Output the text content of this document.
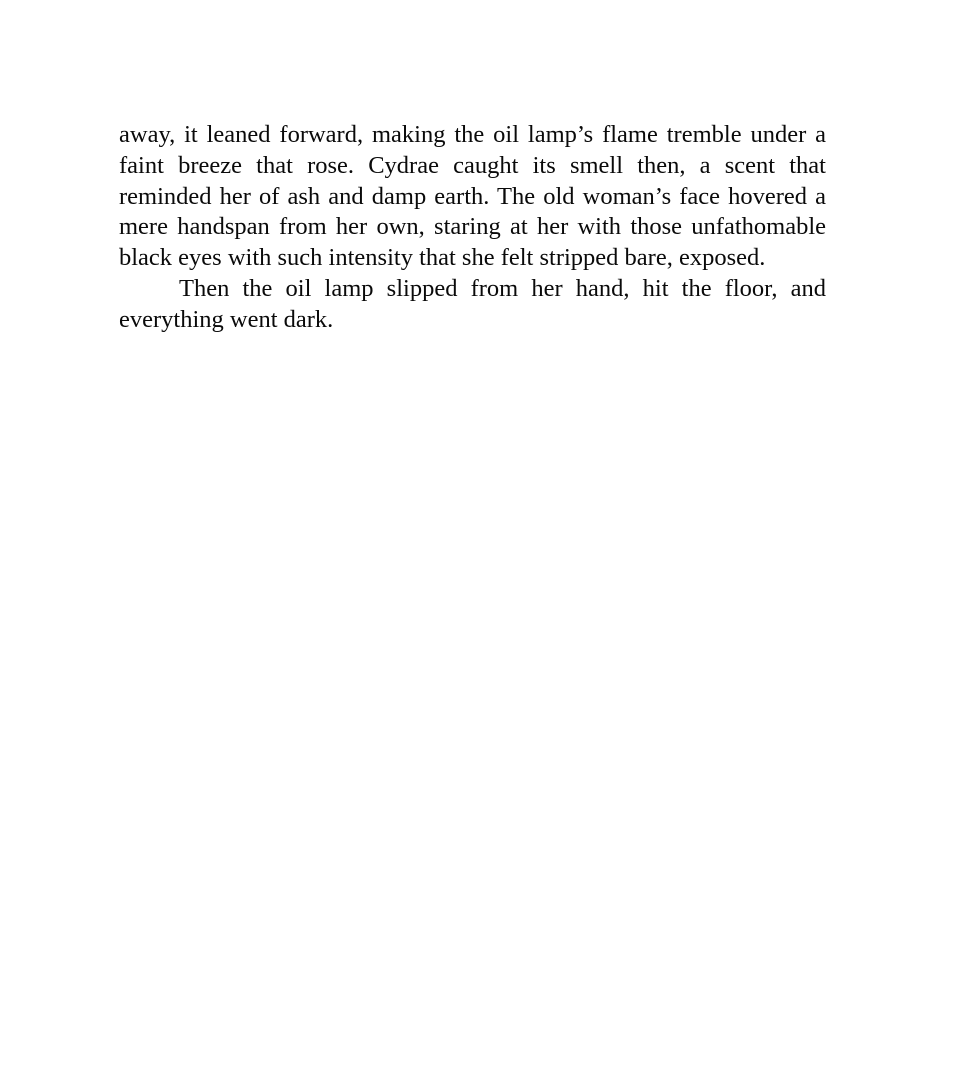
away, it leaned forward, making the oil lamp’s flame tremble under a faint breeze that rose. Cydrae caught its smell then, a scent that reminded her of ash and damp earth. The old woman’s face hovered a mere handspan from her own, staring at her with those unfathomable black eyes with such intensity that she felt stripped bare, exposed.

Then the oil lamp slipped from her hand, hit the floor, and everything went dark.
